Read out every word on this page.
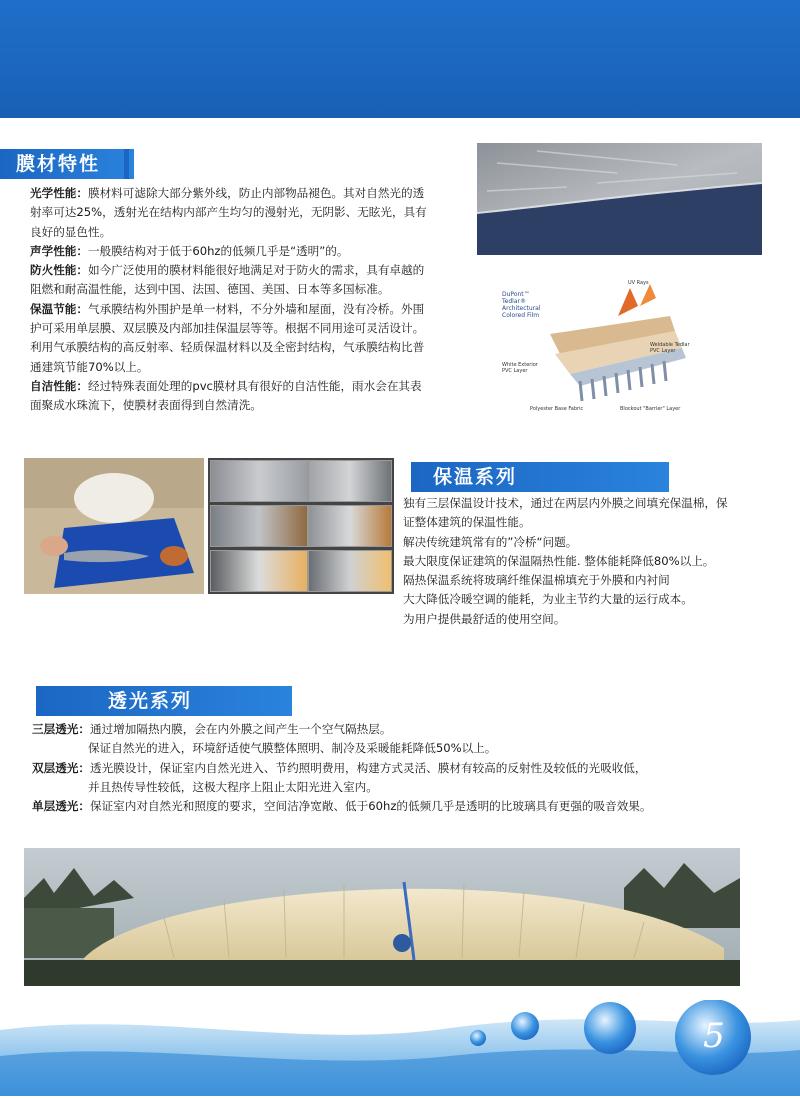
膜材特性
光学性能：膜材料可滤除大部分紫外线，防止内部物品褪色。其对自然光的透
射率可达25%，透射光在结构内部产生均匀的漫射光，无阴影、无眩光，具有
良好的显色性。
声学性能：一般膜结构对于低于60hz的低频几乎是“透明”的。
防火性能：如今广泛使用的膜材料能很好地满足对于防火的需求，具有卓越的
阻燃和耐高温性能，达到中国、法国、德国、美国、日本等多国标准。
保温节能：气承膜结构外围护是单一材料，不分外墙和屋面，没有冷桥。外围
护可采用单层膜、双层膜及内部加挂保温层等等。根据不同用途可灵活设计。
利用气承膜结构的高反射率、轻质保温材料以及全密封结构，气承膜结构比普
通建筑节能70%以上。
自洁性能：经过特殊表面处理的pvc膜材具有很好的自洁性能，雨水会在其表
面聚成水珠流下，使膜材表面得到自然清洗。
DuPont™
Tedlar®
Architectural
Colored Film
UV Rays
White Exterior
PVC Layer
Polyester Base Fabric
Weldable Tedlar
PVC Layer
Blockout "Barrier" Layer
保温系列
独有三层保温设计技术，通过在两层内外膜之间填充保温棉，保
证整体建筑的保温性能。
解决传统建筑常有的”冷桥“问题。
最大限度保证建筑的保温隔热性能. 整体能耗降低80%以上。
隔热保温系统将玻璃纤维保温棉填充于外膜和内衬间
大大降低冷暖空调的能耗，为业主节约大量的运行成本。
为用户提供最舒适的使用空间。
透光系列
三层透光：通过增加隔热内膜，会在内外膜之间产生一个空气隔热层。
保证自然光的进入，环境舒适使气膜整体照明、制冷及采暖能耗降低50%以上。
双层透光：透光膜设计，保证室内自然光进入、节约照明费用，构建方式灵活、膜材有较高的反射性及较低的光吸收低，
并且热传导性较低，这极大程序上阻止太阳光进入室内。
单层透光：保证室内对自然光和照度的要求，空间洁净宽敞、低于60hz的低频几乎是透明的比玻璃具有更强的吸音效果。
5
